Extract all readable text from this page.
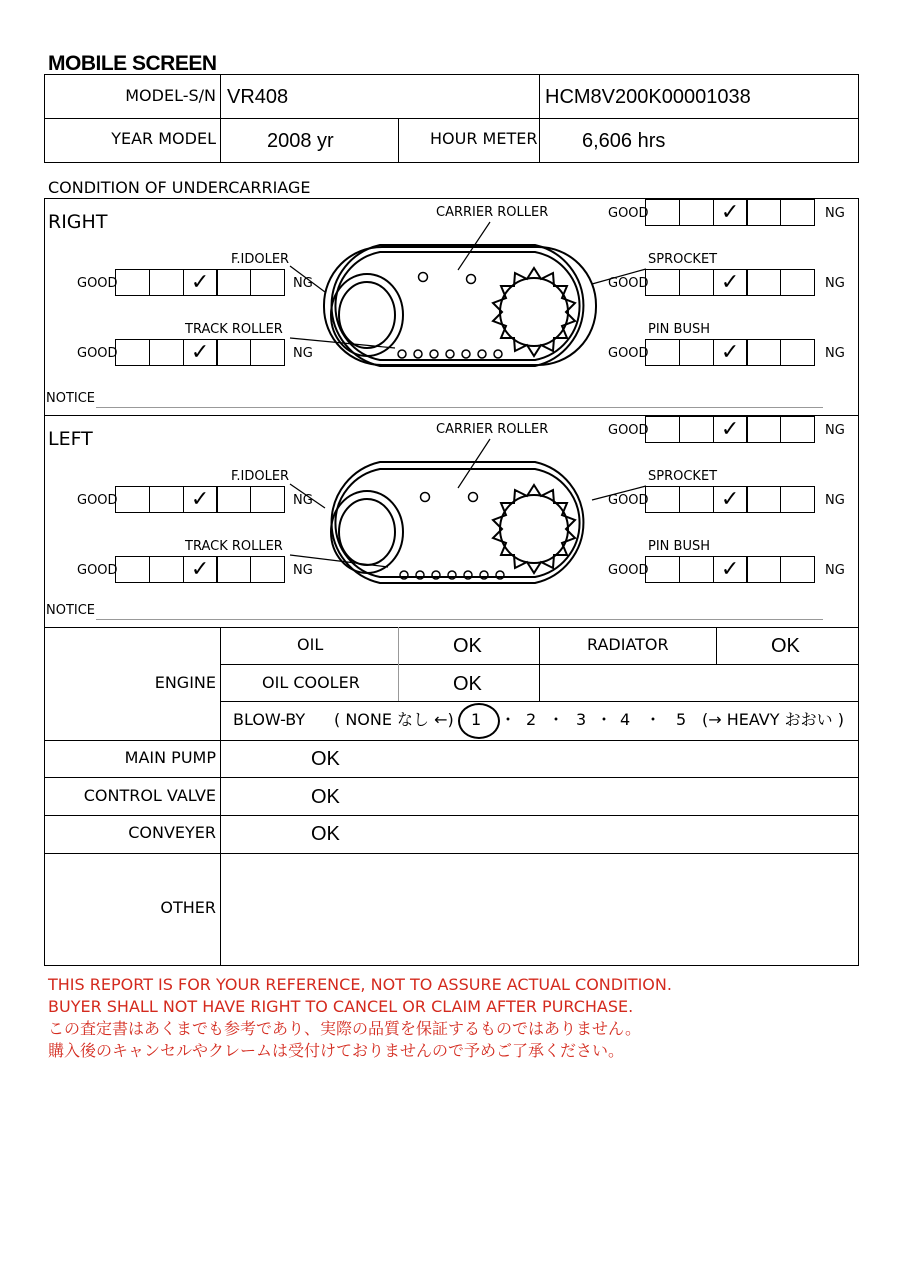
MOBILE SCREEN
MODEL-S/N VR408	HCM8V200K00001038
YEAR MODEL	2008 yr	HOUR METER 6,606 hrs
CONDITION OF UNDERCARRIAGE
RIGHT	CARRIER ROLLER	GOOD	✓	NG
F.IDOLER
GOOD	✓	NG
SPROCKET
GOOD	✓	NG
TRACK ROLLER
GOOD	✓	NG
PIN BUSH
GOOD	✓	NG
NOTICE
LEFT	CARRIER ROLLER	GOOD	✓	NG
F.IDOLER
GOOD	✓	NG
SPROCKET
GOOD	✓	NG
TRACK ROLLER
GOOD	✓	NG
PIN BUSH
GOOD	✓	NG
NOTICE
ENGINE
OIL	OK	RADIATOR	OK
OIL COOLER	OK
BLOW-BY ( NONE なし ←) 1 ・ 2 ・ 3 ・ 4 ・ 5 (→ HEAVY おおい )
MAIN PUMP	OK
CONTROL VALVE	OK
CONVEYER	OK
OTHER
THIS REPORT IS FOR YOUR REFERENCE, NOT TO ASSURE ACTUAL CONDITION.
BUYER SHALL NOT HAVE RIGHT TO CANCEL OR CLAIM AFTER PURCHASE.
この査定書はあくまでも参考であり、実際の品質を保証するものではありません。
購入後のキャンセルやクレームは受付けておりませんので予めご了承ください。
